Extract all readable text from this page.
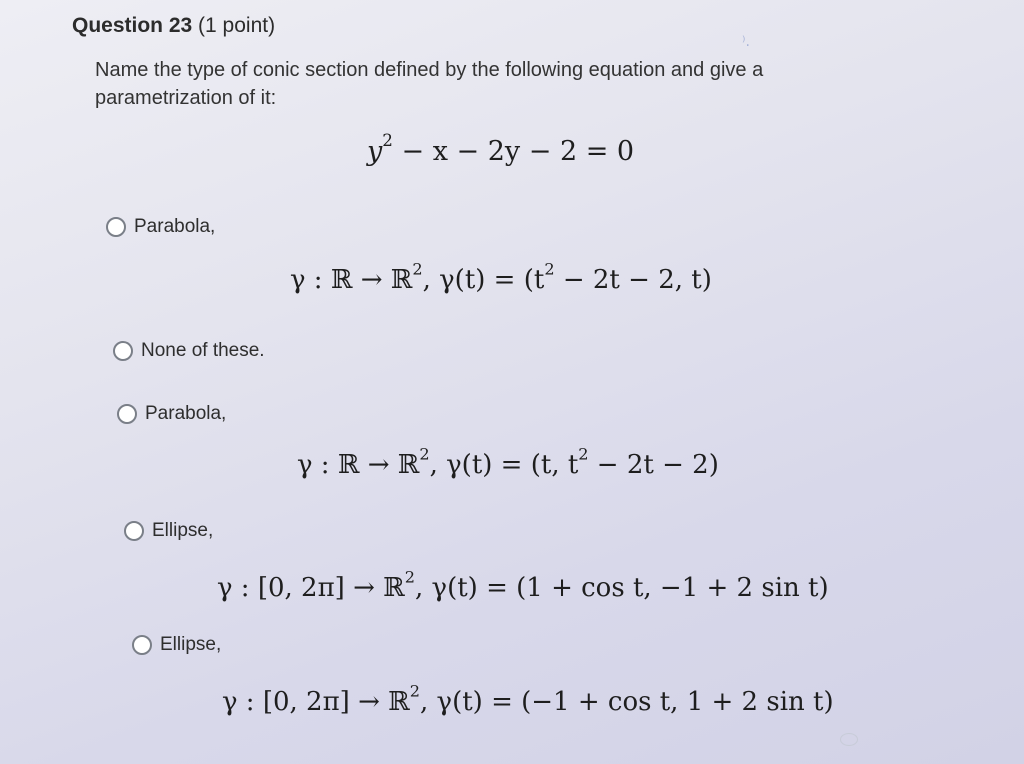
Question 23 (1 point)
⁾.
Name the type of conic section defined by the following equation and give a parametrization of it:
$y^2 - x - 2y - 2 = 0$
Parabola,
γ : ℝ → ℝ$^2$, $\gamma(t) = (t^2 - 2t - 2$, t)
None of these.
Parabola,
γ : ℝ → ℝ$^2$, γ(t) = (t, $t^2 - 2t - 2$)
Ellipse,
γ : [0, 2π] → ℝ$^2$, γ(t) = (1 + cos t, −1 + 2 sin t)
Ellipse,
γ : [0, 2π] → ℝ$^2$, γ(t) = (−1 + cos t, 1 + 2 sin t)
